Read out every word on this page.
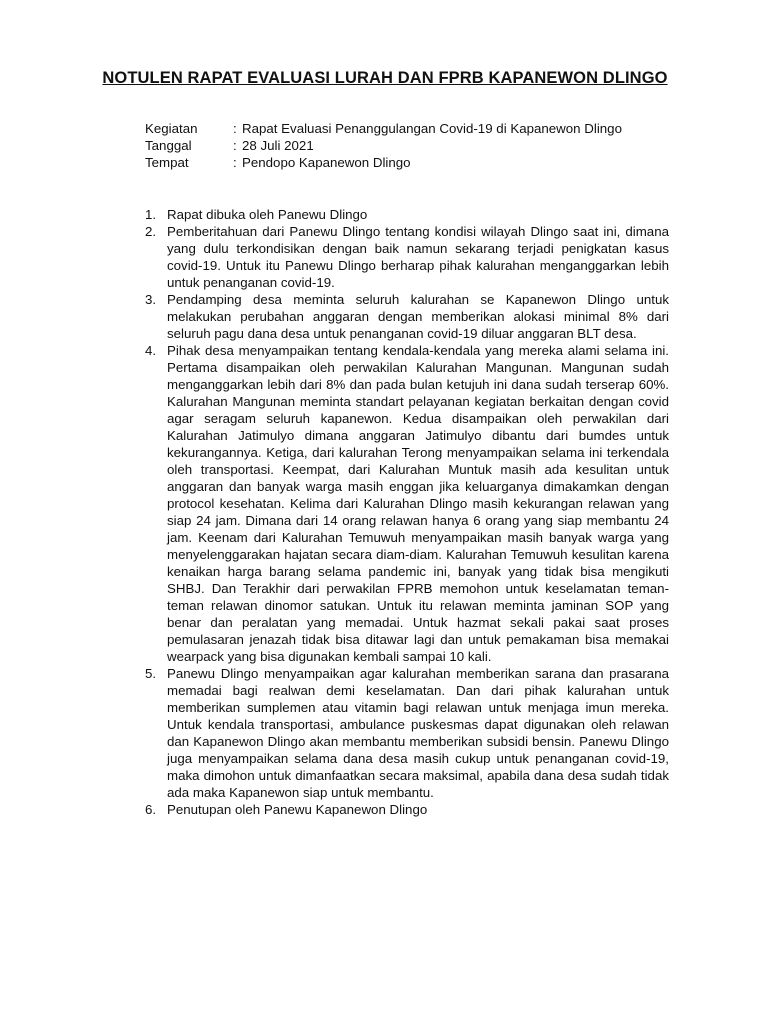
NOTULEN RAPAT EVALUASI LURAH DAN FPRB KAPANEWON DLINGO
Kegiatan	: Rapat Evaluasi Penanggulangan Covid-19 di Kapanewon Dlingo
Tanggal	: 28 Juli 2021
Tempat	: Pendopo Kapanewon Dlingo
1. Rapat dibuka oleh Panewu Dlingo
2. Pemberitahuan dari Panewu Dlingo tentang kondisi wilayah Dlingo saat ini, dimana yang dulu terkondisikan dengan baik namun sekarang terjadi penigkatan kasus covid-19. Untuk itu Panewu Dlingo berharap pihak kalurahan menganggarkan lebih untuk penanganan covid-19.
3. Pendamping desa meminta seluruh kalurahan se Kapanewon Dlingo untuk melakukan perubahan anggaran dengan memberikan alokasi minimal 8% dari seluruh pagu dana desa untuk penanganan covid-19 diluar anggaran BLT desa.
4. Pihak desa menyampaikan tentang kendala-kendala yang mereka alami selama ini. Pertama disampaikan oleh perwakilan Kalurahan Mangunan. Mangunan sudah menganggarkan lebih dari 8% dan pada bulan ketujuh ini dana sudah terserap 60%. Kalurahan Mangunan meminta standart pelayanan kegiatan berkaitan dengan covid agar seragam seluruh kapanewon. Kedua disampaikan oleh perwakilan dari Kalurahan Jatimulyo dimana anggaran Jatimulyo dibantu dari bumdes untuk kekurangannya. Ketiga, dari kalurahan Terong menyampaikan selama ini terkendala oleh transportasi. Keempat, dari Kalurahan Muntuk masih ada kesulitan untuk anggaran dan banyak warga masih enggan jika keluarganya dimakamkan dengan protocol kesehatan. Kelima dari Kalurahan Dlingo masih kekurangan relawan yang siap 24 jam. Dimana dari 14 orang relawan hanya 6 orang yang siap membantu 24 jam. Keenam dari Kalurahan Temuwuh menyampaikan masih banyak warga yang menyelenggarakan hajatan secara diam-diam. Kalurahan Temuwuh kesulitan karena kenaikan harga barang selama pandemic ini, banyak yang tidak bisa mengikuti SHBJ. Dan Terakhir dari perwakilan FPRB memohon untuk keselamatan teman-teman relawan dinomor satukan. Untuk itu relawan meminta jaminan SOP yang benar dan peralatan yang memadai. Untuk hazmat sekali pakai saat proses pemulasaran jenazah tidak bisa ditawar lagi dan untuk pemakaman bisa memakai wearpack yang bisa digunakan kembali sampai 10 kali.
5. Panewu Dlingo menyampaikan agar kalurahan memberikan sarana dan prasarana memadai bagi realwan demi keselamatan. Dan dari pihak kalurahan untuk memberikan sumplemen atau vitamin bagi relawan untuk menjaga imun mereka. Untuk kendala transportasi, ambulance puskesmas dapat digunakan oleh relawan dan Kapanewon Dlingo akan membantu memberikan subsidi bensin. Panewu Dlingo juga menyampaikan selama dana desa masih cukup untuk penanganan covid-19, maka dimohon untuk dimanfaatkan secara maksimal, apabila dana desa sudah tidak ada maka Kapanewon siap untuk membantu.
6. Penutupan oleh Panewu Kapanewon Dlingo
